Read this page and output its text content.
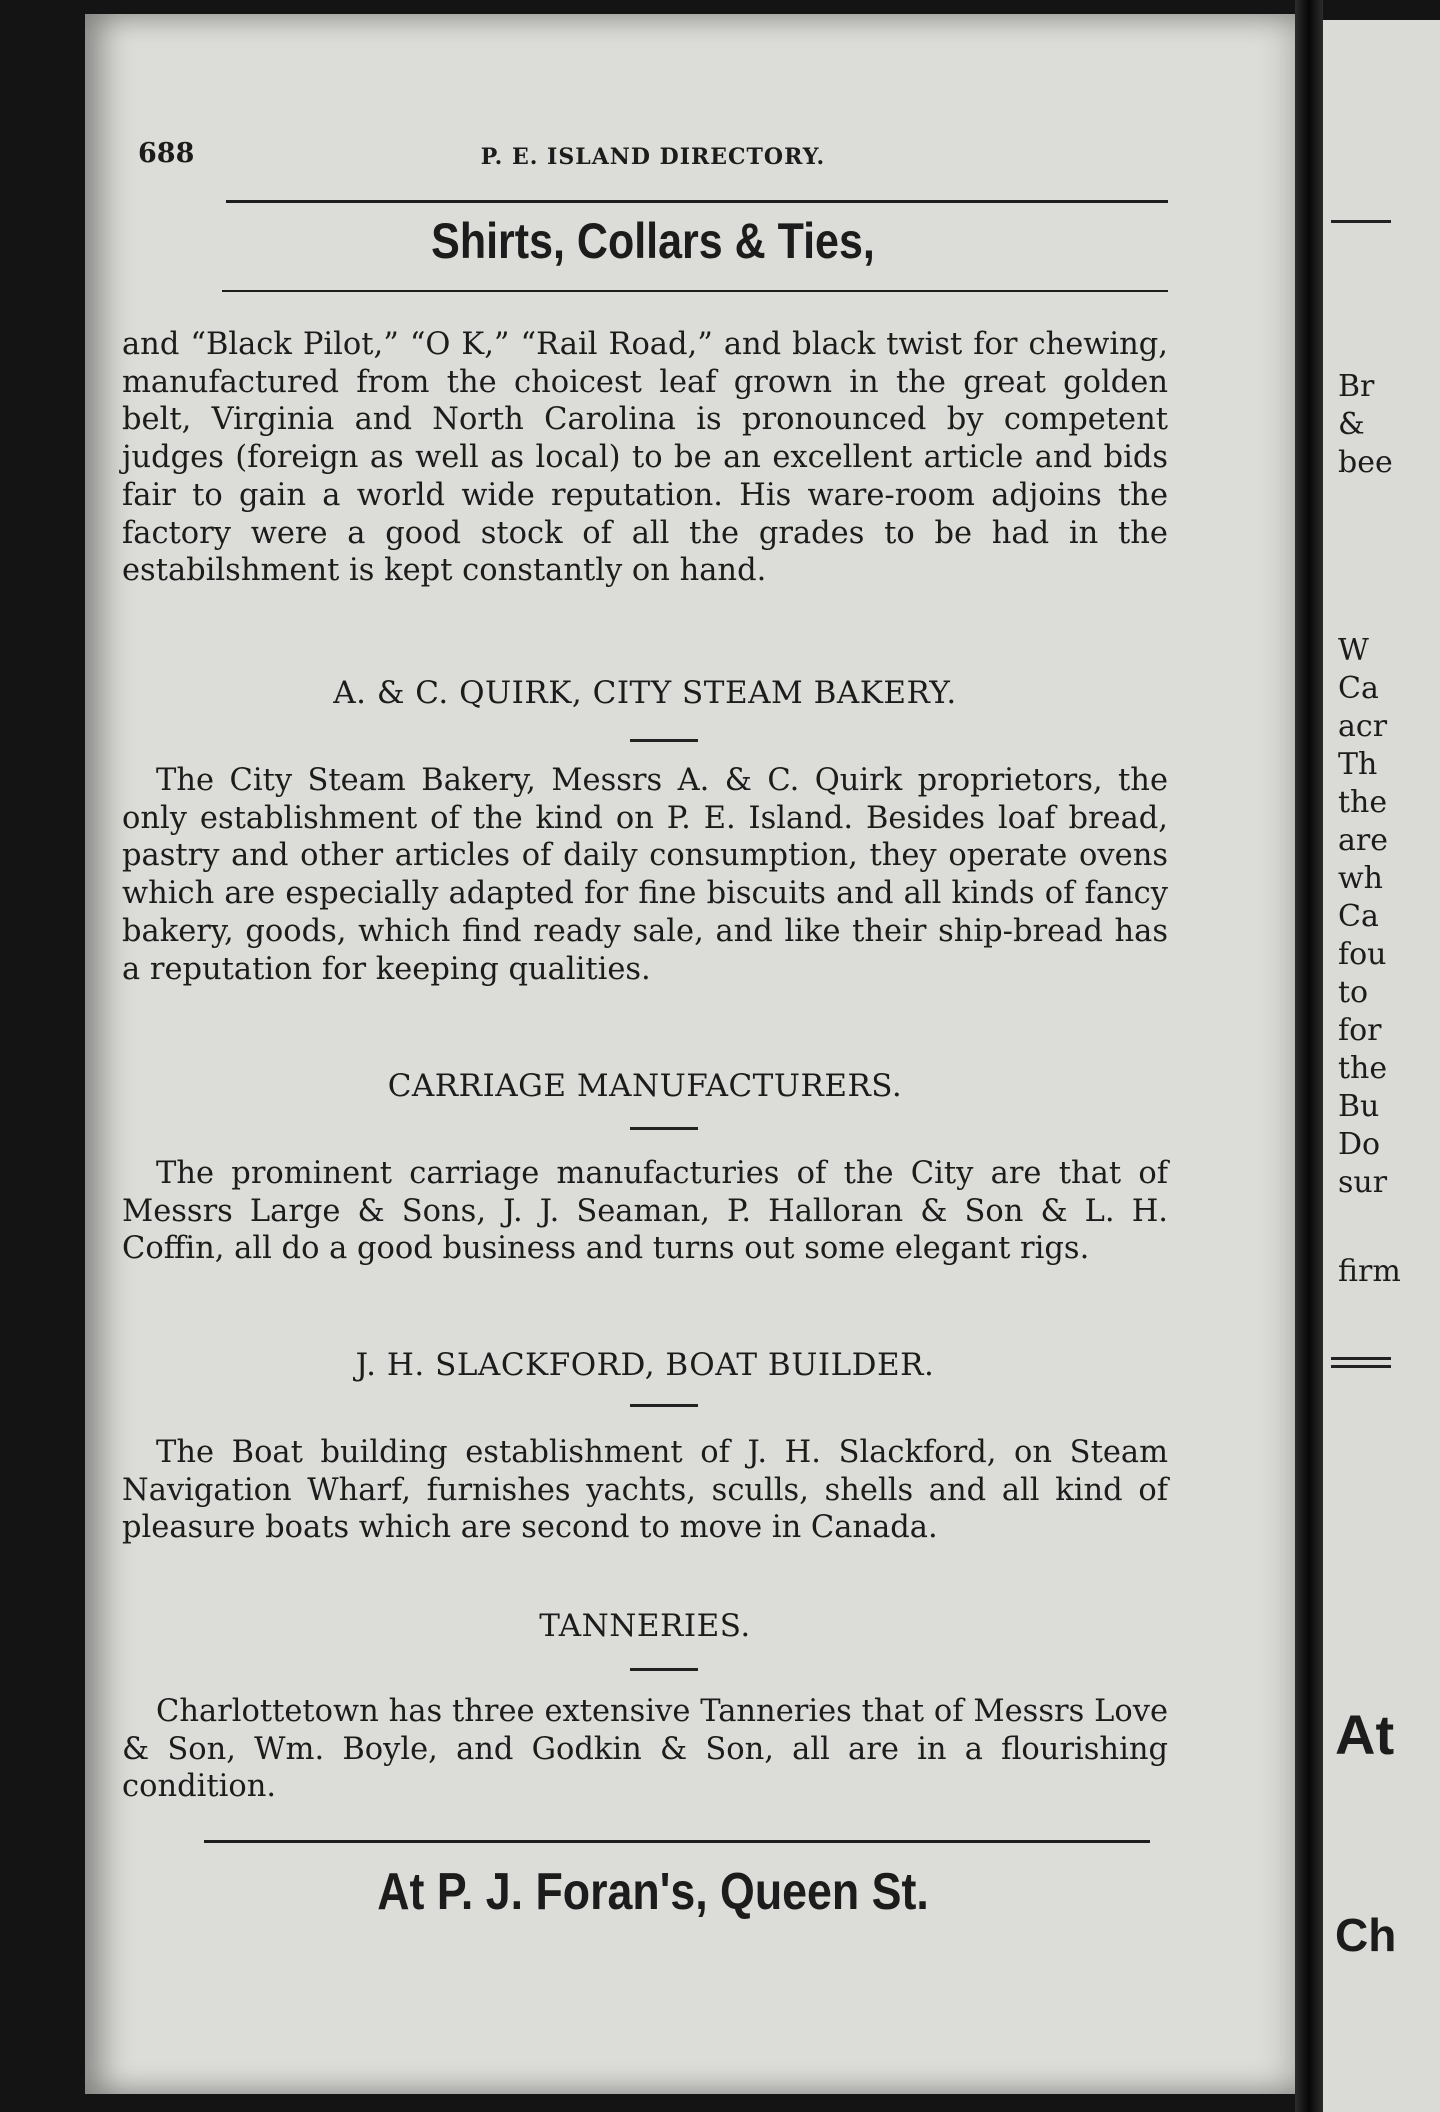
688	P. E. ISLAND DIRECTORY.
Shirts, Collars & Ties,

and “Black Pilot,” “O K,” “Rail Road,” and black twist for chewing, manufactured from the choicest leaf grown in the great golden belt, Virginia and North Carolina is pronounced by competent judges (foreign as well as local) to be an excellent article and bids fair to gain a world wide reputation. His ware-room adjoins the factory were a good stock of all the grades to be had in the estabilshment is kept constantly on hand.

A. & C. QUIRK, CITY STEAM BAKERY.

The City Steam Bakery, Messrs A. & C. Quirk proprietors, the only establishment of the kind on P. E. Island. Besides loaf bread, pastry and other articles of daily consumption, they operate ovens which are especially adapted for fine biscuits and all kinds of fancy bakery, goods, which find ready sale, and like their ship-bread has a reputation for keeping qualities.

CARRIAGE MANUFACTURERS.

The prominent carriage manufacturies of the City are that of Messrs Large & Sons, J. J. Seaman, P. Halloran & Son & L. H. Coffin, all do a good business and turns out some elegant rigs.

J. H. SLACKFORD, BOAT BUILDER.

The Boat building establishment of J. H. Slackford, on Steam Navigation Wharf, furnishes yachts, sculls, shells and all kind of pleasure boats which are second to move in Canada.

TANNERIES.

Charlottetown has three extensive Tanneries that of Messrs Love & Son, Wm. Boyle, and Godkin & Son, all are in a flourishing condition.

At P. J. Foran's, Queen St.
Br
&
bee
W
Ca
acr
Th
the
are
wh
Ca
fou
to
for
the
Bu
Do
sur
firm
At
Ch
